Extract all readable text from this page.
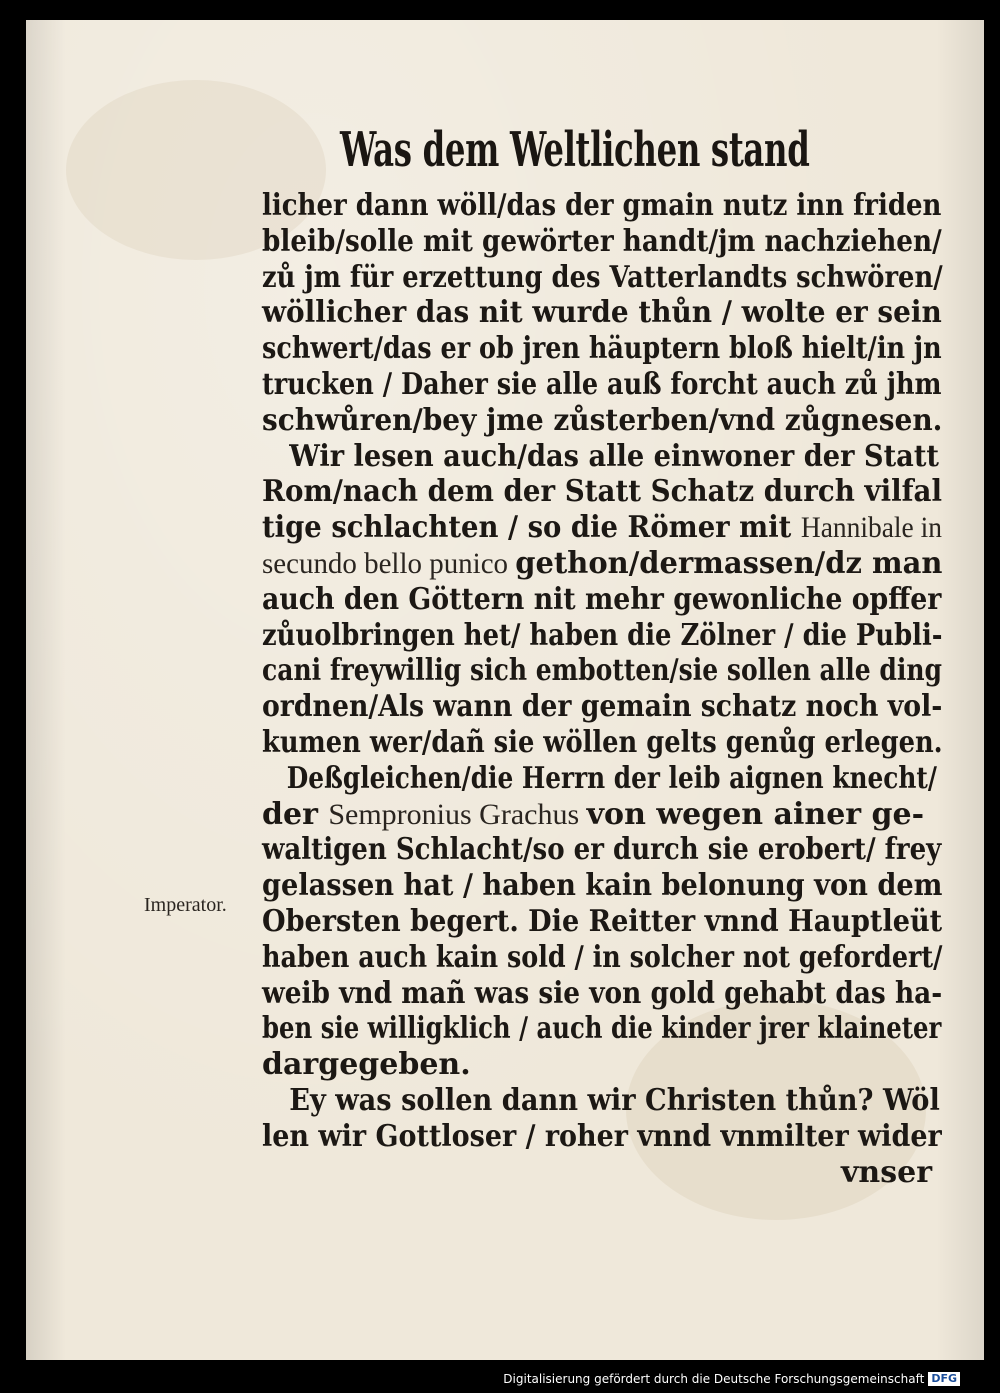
Was dem Weltlichen stand
Imperator.
licher dann wöll/das der gmain nutz inn friden
bleib/solle mit gewörter handt/jm nachziehen/
zů jm für erzettung des Vatterlandts schwören/
wöllicher das nit wurde thůn / wolte er sein
schwert/das er ob jren häuptern bloß hielt/in jn
trucken / Daher sie alle auß forcht auch zů jhm
schwůren/bey jme zůsterben/vnd zůgnesen.
Wir lesen auch/das alle einwoner der Statt
Rom/nach dem der Statt Schatz durch vilfal
tige schlachten / so die Römer mit Hannibale in
secundo bello punico gethon/dermassen/dz man
auch den Göttern nit mehr gewonliche opffer
zůuolbringen het/ haben die Zölner / die Publi-
cani freywillig sich embotten/sie sollen alle ding
ordnen/Als wann der gemain schatz noch vol-
kumen wer/dañ sie wöllen gelts genůg erlegen.
Deßgleichen/die Herrn der leib aignen knecht/
der Sempronius Grachus von wegen ainer ge-
waltigen Schlacht/so er durch sie erobert/ frey
gelassen hat / haben kain belonung von dem
Obersten begert. Die Reitter vnnd Hauptleüt
haben auch kain sold / in solcher not gefordert/
weib vnd mañ was sie von gold gehabt das ha-
ben sie willigklich / auch die kinder jrer klaineter
dargegeben.
Ey was sollen dann wir Christen thůn? Wöl
len wir Gottloser / roher vnnd vnmilter wider
vnser
Digitalisierung gefördert durch die Deutsche Forschungsgemeinschaft DFG
